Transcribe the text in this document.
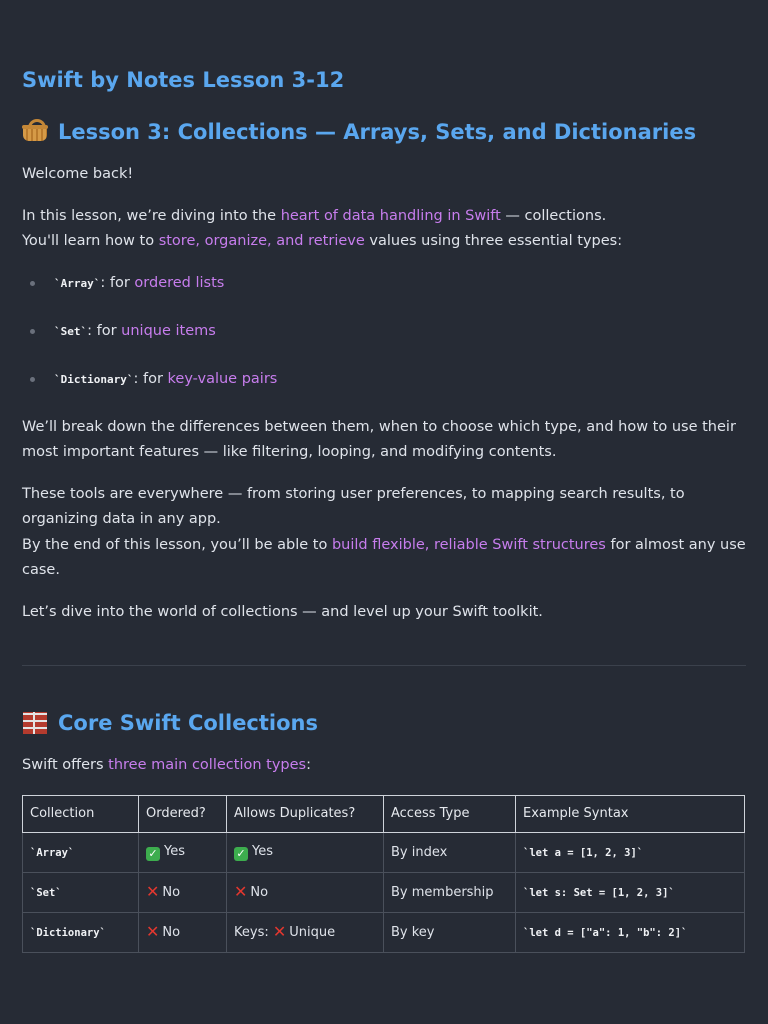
Swift by Notes Lesson 3-12
Lesson 3: Collections — Arrays, Sets, and Dictionaries

Welcome back!

In this lesson, we’re diving into the heart of data handling in Swift — collections.
You'll learn how to store, organize, and retrieve values using three essential types:

`Array`: for ordered lists
`Set`: for unique items
`Dictionary`: for key-value pairs

We’ll break down the differences between them, when to choose which type, and how to use their most important features — like filtering, looping, and modifying contents.

These tools are everywhere — from storing user preferences, to mapping search results, to organizing data in any app.
By the end of this lesson, you’ll be able to build flexible, reliable Swift structures for almost any use case.

Let’s dive into the world of collections — and level up your Swift toolkit.

Core Swift Collections

Swift offers three main collection types:

Collection	Ordered?	Allows Duplicates?	Access Type	Example Syntax
`Array`	✓ Yes	✓ Yes	By index	`let a = [1, 2, 3]`
`Set`	✕ No	✕ No	By membership	`let s: Set = [1, 2, 3]`
`Dictionary`	✕ No	Keys: ✕ Unique	By key	`let d = ["a": 1, "b": 2]`
